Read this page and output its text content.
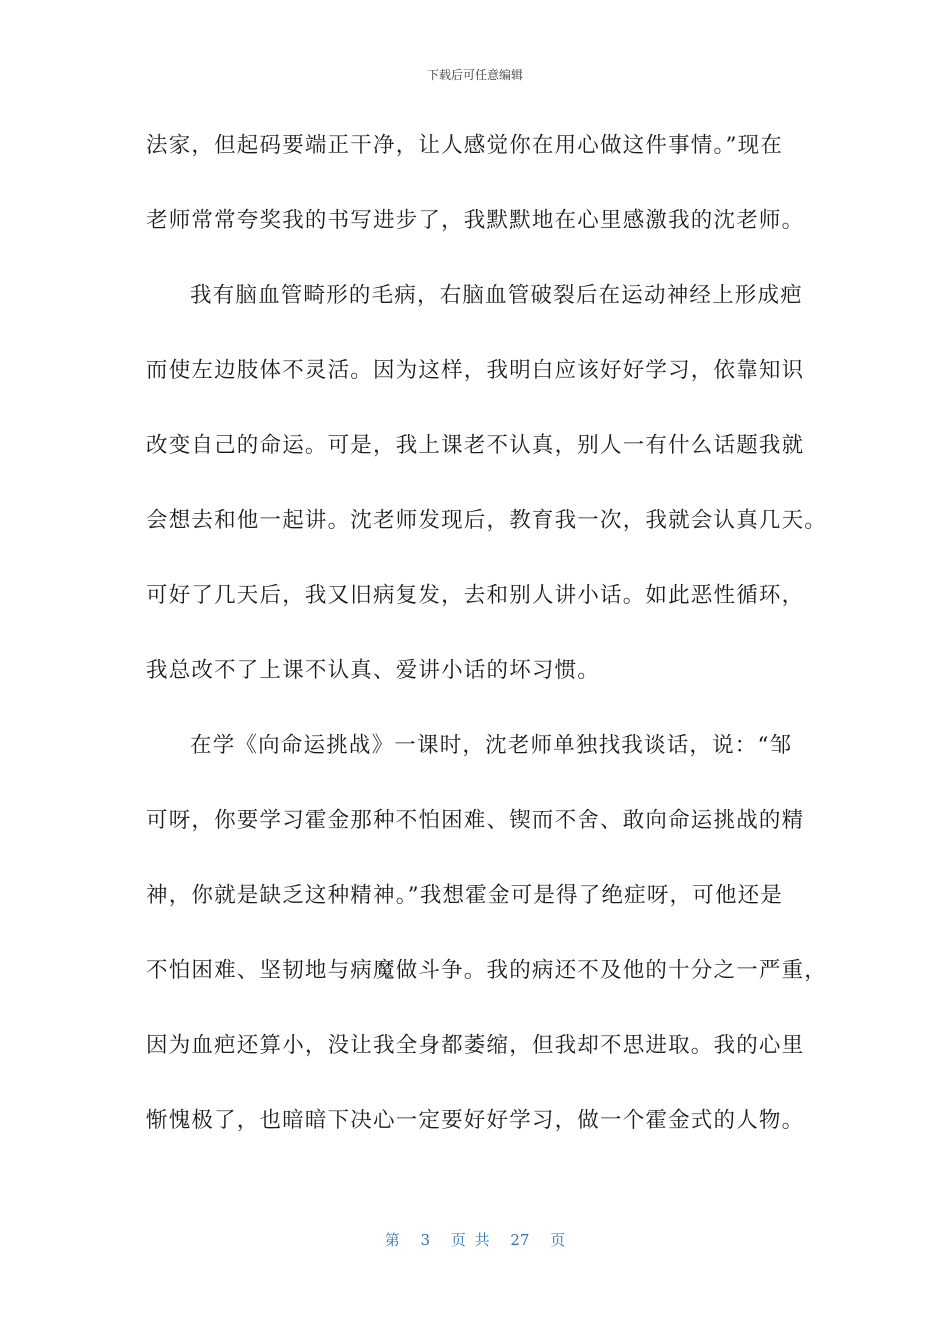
下载后可任意编辑
法家，但起码要端正干净，让人感觉你在用心做这件事情。”现在
老师常常夸奖我的书写进步了，我默默地在心里感激我的沈老师。
我有脑血管畸形的毛病，右脑血管破裂后在运动神经上形成疤
而使左边肢体不灵活。因为这样，我明白应该好好学习，依靠知识
改变自己的命运。可是，我上课老不认真，别人一有什么话题我就
会想去和他一起讲。沈老师发现后，教育我一次，我就会认真几天。
可好了几天后，我又旧病复发，去和别人讲小话。如此恶性循环，
我总改不了上课不认真、爱讲小话的坏习惯。
在学《向命运挑战》一课时，沈老师单独找我谈话，说：“邹
可呀，你要学习霍金那种不怕困难、锲而不舍、敢向命运挑战的精
神，你就是缺乏这种精神。”我想霍金可是得了绝症呀，可他还是
不怕困难、坚韧地与病魔做斗争。我的病还不及他的十分之一严重，
因为血疤还算小，没让我全身都萎缩，但我却不思进取。我的心里
惭愧极了，也暗暗下决心一定要好好学习，做一个霍金式的人物。
第 3 页 共 27 页
